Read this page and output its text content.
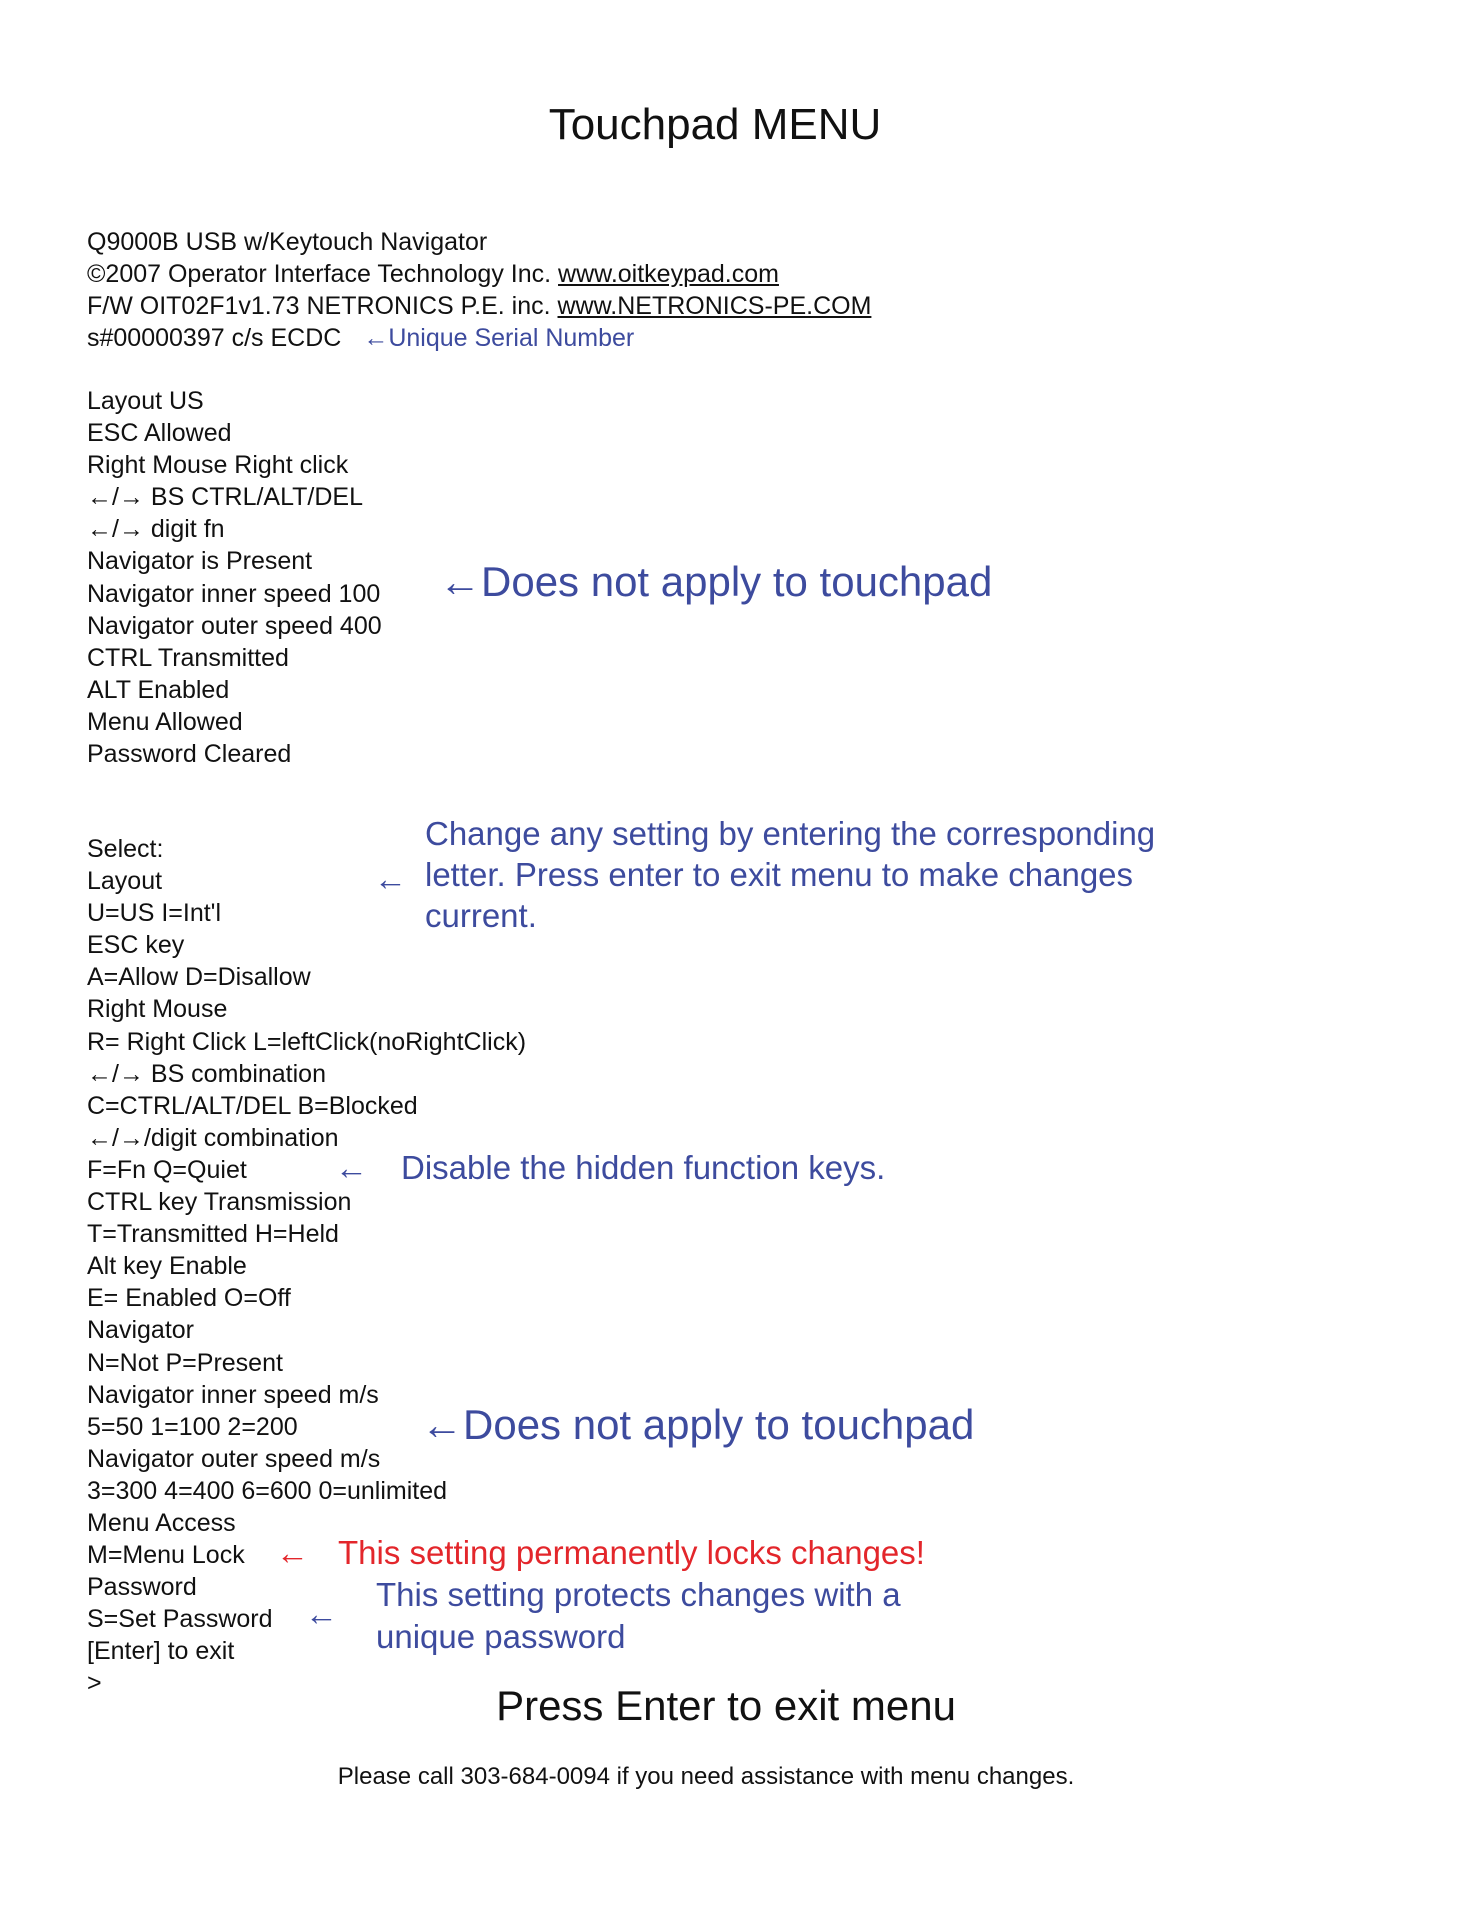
Touchpad MENU
Q9000B USB w/Keytouch Navigator
©2007 Operator Interface Technology Inc. www.oitkeypad.com
F/W OIT02F1v1.73 NETRONICS P.E. inc. www.NETRONICS-PE.COM
s#00000397 c/s ECDC ←Unique Serial Number
Layout US
ESC Allowed
Right Mouse Right click
←/→ BS CTRL/ALT/DEL
←/→ digit fn
Navigator is Present
Navigator inner speed 100
Navigator outer speed 400
CTRL Transmitted
ALT Enabled
Menu Allowed
Password Cleared
Select:
Layout
U=US I=Int'l
ESC key
A=Allow D=Disallow
Right Mouse
R= Right Click L=leftClick(noRightClick)
←/→ BS combination
C=CTRL/ALT/DEL B=Blocked
←/→/digit combination
F=Fn Q=Quiet
CTRL key Transmission
T=Transmitted H=Held
Alt key Enable
E= Enabled O=Off
Navigator
N=Not P=Present
Navigator inner speed m/s
5=50 1=100 2=200
Navigator outer speed m/s
3=300 4=400 6=600 0=unlimited
Menu Access
M=Menu Lock
Password
S=Set Password
[Enter] to exit
>
←Does not apply to touchpad
←
Change any setting by entering the corresponding
letter. Press enter to exit menu to make changes
current.
← Disable the hidden function keys.
←Does not apply to touchpad
← This setting permanently locks changes!
←
This setting protects changes with a
unique password
Press Enter to exit menu
Please call 303-684-0094 if you need assistance with menu changes.
